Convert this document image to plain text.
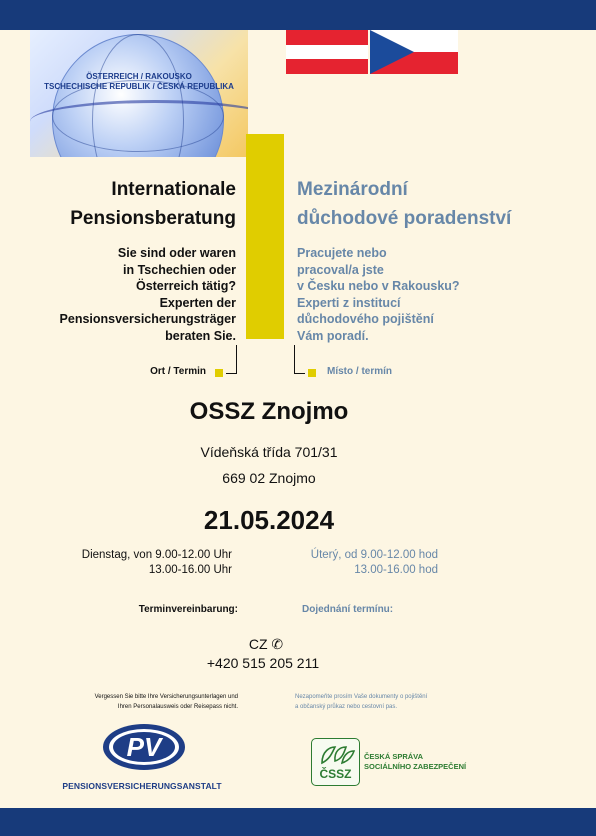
ÖSTERREICH / RAKOUSKO
TSCHECHISCHE REPUBLIK / ČESKÁ REPUBLIKA
Internationale
Pensionsberatung
Mezinárodní
důchodové poradenství
Sie sind oder waren
in Tschechien oder
Österreich tätig?
Experten der
Pensionsversicherungsträger
beraten Sie.
Pracujete nebo
pracoval/a jste
v Česku nebo v Rakousku?
Experti z institucí
důchodového pojištění
Vám poradí.
Ort / Termin	Místo / termín
OSSZ Znojmo
Vídeňská třída 701/31
669 02 Znojmo
21.05.2024
Dienstag, von 9.00-12.00 Uhr
13.00-16.00 Uhr
Úterý, od 9.00-12.00 hod
13.00-16.00 hod
Terminvereinbarung:	Dojednání termínu:
CZ ✆
+420 515 205 211
Vergessen Sie bitte Ihre Versicherungsunterlagen und
Ihren Personalausweis oder Reisepass nicht.
Nezapomeňte prosím Vaše dokumenty o pojištění
a občanský průkaz nebo cestovní pas.
PV
PENSIONSVERSICHERUNGSANSTALT
ČSSZ
ČESKÁ SPRÁVA
SOCIÁLNÍHO ZABEZPEČENÍ
